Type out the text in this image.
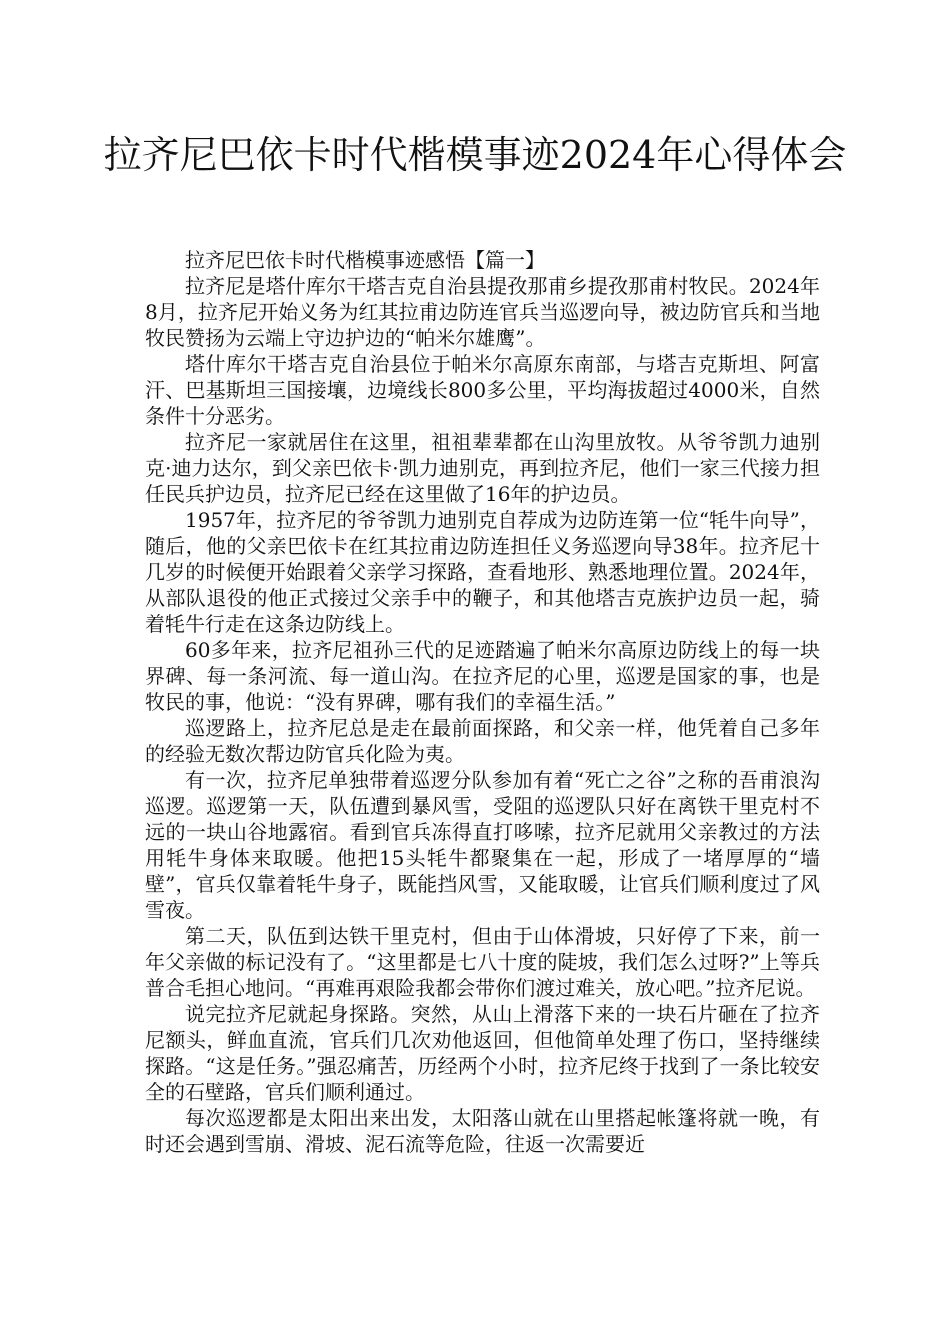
拉齐尼巴依卡时代楷模事迹2024年心得体会

拉齐尼巴依卡时代楷模事迹感悟【篇一】

拉齐尼是塔什库尔干塔吉克自治县提孜那甫乡提孜那甫村牧民。2024年8月，拉齐尼开始义务为红其拉甫边防连官兵当巡逻向导，被边防官兵和当地牧民赞扬为云端上守边护边的“帕米尔雄鹰”。

塔什库尔干塔吉克自治县位于帕米尔高原东南部，与塔吉克斯坦、阿富汗、巴基斯坦三国接壤，边境线长800多公里，平均海拔超过4000米，自然条件十分恶劣。

拉齐尼一家就居住在这里，祖祖辈辈都在山沟里放牧。从爷爷凯力迪别克·迪力达尔，到父亲巴依卡·凯力迪别克，再到拉齐尼，他们一家三代接力担任民兵护边员，拉齐尼已经在这里做了16年的护边员。

1957年，拉齐尼的爷爷凯力迪别克自荐成为边防连第一位“牦牛向导”，随后，他的父亲巴依卡在红其拉甫边防连担任义务巡逻向导38年。拉齐尼十几岁的时候便开始跟着父亲学习探路，查看地形、熟悉地理位置。2024年，从部队退役的他正式接过父亲手中的鞭子，和其他塔吉克族护边员一起，骑着牦牛行走在这条边防线上。

60多年来，拉齐尼祖孙三代的足迹踏遍了帕米尔高原边防线上的每一块界碑、每一条河流、每一道山沟。在拉齐尼的心里，巡逻是国家的事，也是牧民的事，他说：“没有界碑，哪有我们的幸福生活。”

巡逻路上，拉齐尼总是走在最前面探路，和父亲一样，他凭着自己多年的经验无数次帮边防官兵化险为夷。

有一次，拉齐尼单独带着巡逻分队参加有着“死亡之谷”之称的吾甫浪沟巡逻。巡逻第一天，队伍遭到暴风雪，受阻的巡逻队只好在离铁干里克村不远的一块山谷地露宿。看到官兵冻得直打哆嗦，拉齐尼就用父亲教过的方法用牦牛身体来取暖。他把15头牦牛都聚集在一起，形成了一堵厚厚的“墙壁”，官兵仅靠着牦牛身子，既能挡风雪，又能取暖，让官兵们顺利度过了风雪夜。

第二天，队伍到达铁干里克村，但由于山体滑坡，只好停了下来，前一年父亲做的标记没有了。“这里都是七八十度的陡坡，我们怎么过呀?”上等兵普合毛担心地问。“再难再艰险我都会带你们渡过难关，放心吧。”拉齐尼说。

说完拉齐尼就起身探路。突然，从山上滑落下来的一块石片砸在了拉齐尼额头，鲜血直流，官兵们几次劝他返回，但他简单处理了伤口，坚持继续探路。“这是任务。”强忍痛苦，历经两个小时，拉齐尼终于找到了一条比较安全的石壁路，官兵们顺利通过。

每次巡逻都是太阳出来出发，太阳落山就在山里搭起帐篷将就一晚，有时还会遇到雪崩、滑坡、泥石流等危险，往返一次需要近
